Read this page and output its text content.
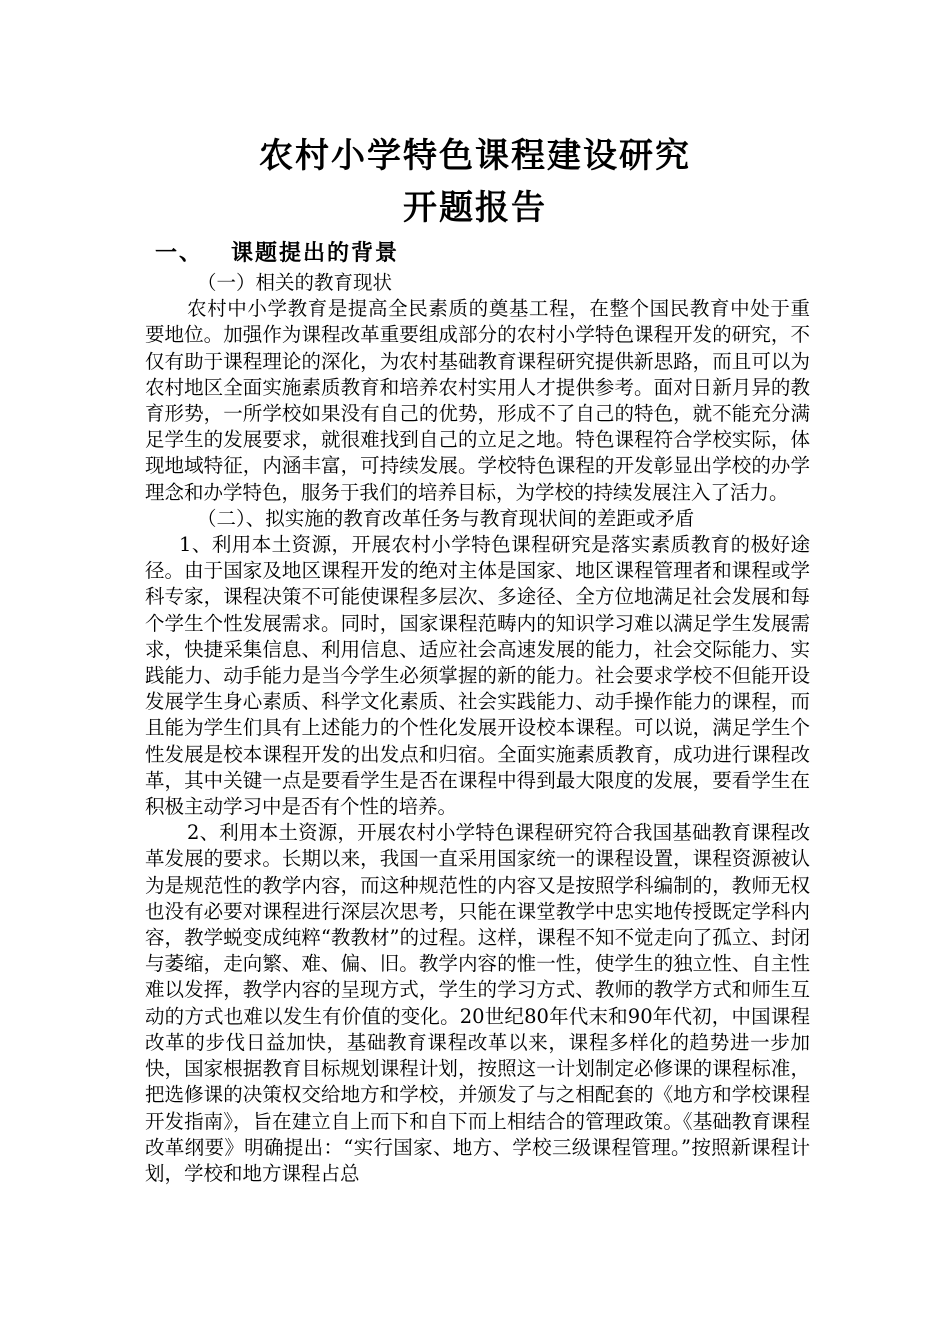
农村小学特色课程建设研究
开题报告
一、 课题提出的背景

（一）相关的教育现状

农村中小学教育是提高全民素质的奠基工程，在整个国民教育中处于重要地位。加强作为课程改革重要组成部分的农村小学特色课程开发的研究，不仅有助于课程理论的深化，为农村基础教育课程研究提供新思路，而且可以为农村地区全面实施素质教育和培养农村实用人才提供参考。面对日新月异的教育形势，一所学校如果没有自己的优势，形成不了自己的特色，就不能充分满足学生的发展要求，就很难找到自己的立足之地。特色课程符合学校实际，体现地域特征，内涵丰富，可持续发展。学校特色课程的开发彰显出学校的办学理念和办学特色，服务于我们的培养目标，为学校的持续发展注入了活力。

（二）、拟实施的教育改革任务与教育现状间的差距或矛盾

1、利用本土资源，开展农村小学特色课程研究是落实素质教育的极好途径。由于国家及地区课程开发的绝对主体是国家、地区课程管理者和课程或学科专家，课程决策不可能使课程多层次、多途径、全方位地满足社会发展和每个学生个性发展需求。同时，国家课程范畴内的知识学习难以满足学生发展需求，快捷采集信息、利用信息、适应社会高速发展的能力，社会交际能力、实践能力、动手能力是当今学生必须掌握的新的能力。社会要求学校不但能开设发展学生身心素质、科学文化素质、社会实践能力、动手操作能力的课程，而且能为学生们具有上述能力的个性化发展开设校本课程。可以说，满足学生个性发展是校本课程开发的出发点和归宿。全面实施素质教育，成功进行课程改革，其中关键一点是要看学生是否在课程中得到最大限度的发展，要看学生在积极主动学习中是否有个性的培养。

2、利用本土资源，开展农村小学特色课程研究符合我国基础教育课程改革发展的要求。长期以来，我国一直采用国家统一的课程设置，课程资源被认为是规范性的教学内容，而这种规范性的内容又是按照学科编制的，教师无权也没有必要对课程进行深层次思考，只能在课堂教学中忠实地传授既定学科内容，教学蜕变成纯粹“教教材”的过程。这样，课程不知不觉走向了孤立、封闭与萎缩，走向繁、难、偏、旧。教学内容的惟一性，使学生的独立性、自主性难以发挥，教学内容的呈现方式，学生的学习方式、教师的教学方式和师生互动的方式也难以发生有价值的变化。20世纪80年代末和90年代初，中国课程改革的步伐日益加快，基础教育课程改革以来，课程多样化的趋势进一步加快，国家根据教育目标规划课程计划，按照这一计划制定必修课的课程标准，把选修课的决策权交给地方和学校，并颁发了与之相配套的《地方和学校课程开发指南》，旨在建立自上而下和自下而上相结合的管理政策。《基础教育课程改革纲要》明确提出：“实行国家、地方、学校三级课程管理。”按照新课程计划，学校和地方课程占总
